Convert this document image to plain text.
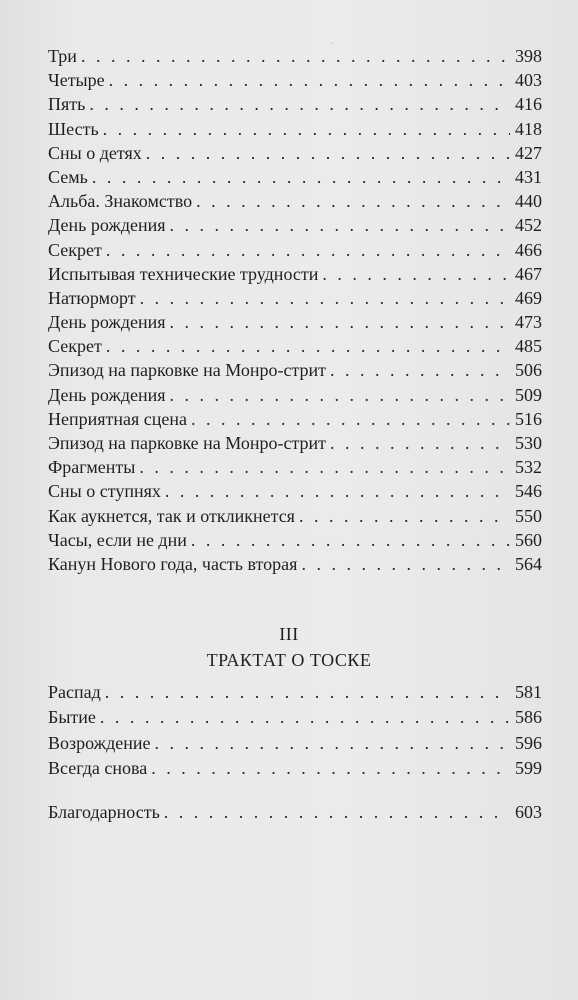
·
Три . . .	398
Четыре . . .	403
Пять . . .	416
Шесть . . .	418
Сны о детях . . .	427
Семь . . .	431
Альба. Знакомство . . .	440
День рождения . . .	452
Секрет . . .	466
Испытывая технические трудности . . .	467
Натюрморт . . .	469
День рождения . . .	473
Секрет . . .	485
Эпизод на парковке на Монро-стрит . . .	506
День рождения . . .	509
Неприятная сцена . . .	516
Эпизод на парковке на Монро-стрит . . .	530
Фрагменты . . .	532
Сны о ступнях . . .	546
Как аукнется, так и откликнется . . .	550
Часы, если не дни . . .	560
Канун Нового года, часть вторая . . .	564
III
ТРАКТАТ О ТОСКЕ
Распад . . .	581
Бытие . . .	586
Возрождение . . .	596
Всегда снова . . .	599
Благодарность . . .	603
